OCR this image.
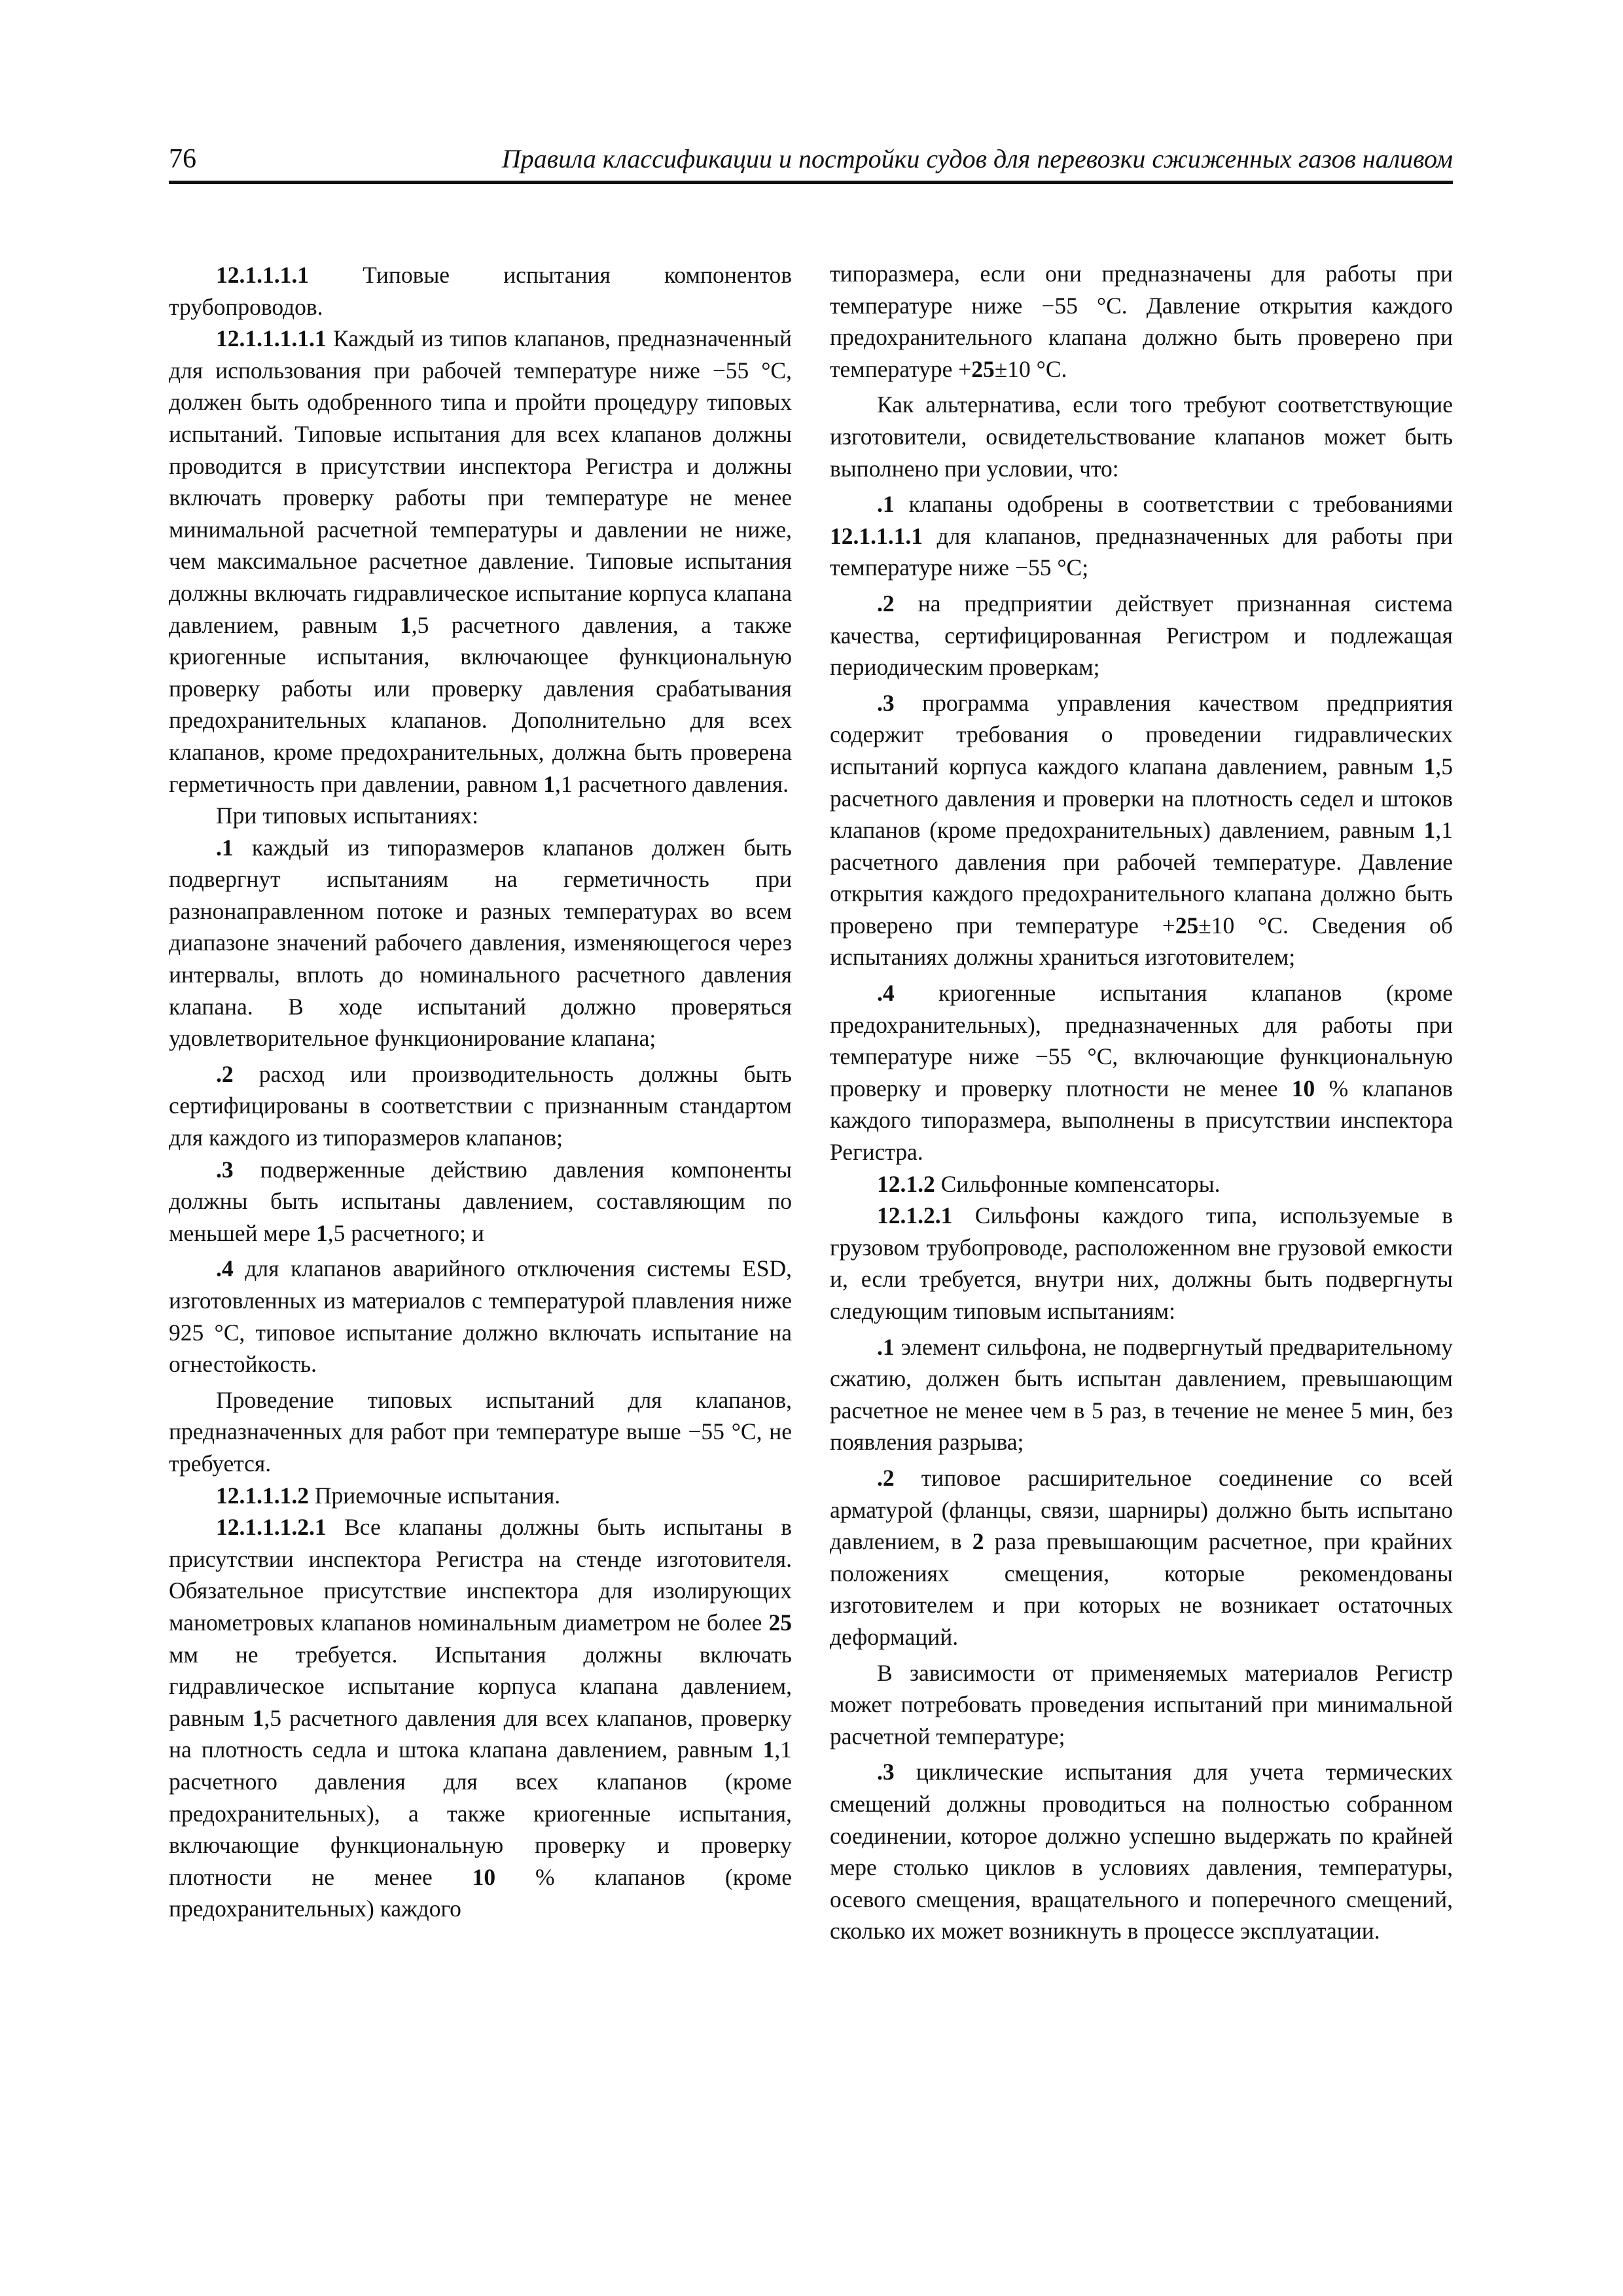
76	Правила классификации и постройки судов для перевозки сжиженных газов наливом

12.1.1.1.1 Типовые испытания компонентов трубопроводов.

12.1.1.1.1.1 Каждый из типов клапанов, предназначенный для использования при рабочей температуре ниже −55 °С, должен быть одобренного типа и пройти процедуру типовых испытаний. Типовые испытания для всех клапанов должны проводится в присутствии инспектора Регистра и должны включать проверку работы при температуре не менее минимальной расчетной температуры и давлении не ниже, чем максимальное расчетное давление. Типовые испытания должны включать гидравлическое испытание корпуса клапана давлением, равным 1,5 расчетного давления, а также криогенные испытания, включающее функциональную проверку работы или проверку давления срабатывания предохранительных клапанов. Дополнительно для всех клапанов, кроме предохранительных, должна быть проверена герметичность при давлении, равном 1,1 расчетного давления.

При типовых испытаниях:

.1 каждый из типоразмеров клапанов должен быть подвергнут испытаниям на герметичность при разнонаправленном потоке и разных температурах во всем диапазоне значений рабочего давления, изменяющегося через интервалы, вплоть до номинального расчетного давления клапана. В ходе испытаний должно проверяться удовлетворительное функционирование клапана;

.2 расход или производительность должны быть сертифицированы в соответствии с признанным стандартом для каждого из типоразмеров клапанов;

.3 подверженные действию давления компоненты должны быть испытаны давлением, составляющим по меньшей мере 1,5 расчетного; и

.4 для клапанов аварийного отключения системы ESD, изготовленных из материалов с температурой плавления ниже 925 °С, типовое испытание должно включать испытание на огнестойкость.

Проведение типовых испытаний для клапанов, предназначенных для работ при температуре выше −55 °С, не требуется.

12.1.1.1.2 Приемочные испытания.

12.1.1.1.2.1 Все клапаны должны быть испытаны в присутствии инспектора Регистра на стенде изготовителя. Обязательное присутствие инспектора для изолирующих манометровых клапанов номинальным диаметром не более 25 мм не требуется. Испытания должны включать гидравлическое испытание корпуса клапана давлением, равным 1,5 расчетного давления для всех клапанов, проверку на плотность седла и штока клапана давлением, равным 1,1 расчетного давления для всех клапанов (кроме предохранительных), а также криогенные испытания, включающие функциональную проверку и проверку плотности не менее 10 % клапанов (кроме предохранительных) каждого

типоразмера, если они предназначены для работы при температуре ниже −55 °С. Давление открытия каждого предохранительного клапана должно быть проверено при температуре +25±10 °С.

Как альтернатива, если того требуют соответствующие изготовители, освидетельствование клапанов может быть выполнено при условии, что:

.1 клапаны одобрены в соответствии с требованиями 12.1.1.1.1 для клапанов, предназначенных для работы при температуре ниже −55 °С;

.2 на предприятии действует признанная система качества, сертифицированная Регистром и подлежащая периодическим проверкам;

.3 программа управления качеством предприятия содержит требования о проведении гидравлических испытаний корпуса каждого клапана давлением, равным 1,5 расчетного давления и проверки на плотность седел и штоков клапанов (кроме предохранительных) давлением, равным 1,1 расчетного давления при рабочей температуре. Давление открытия каждого предохранительного клапана должно быть проверено при температуре +25±10 °С. Сведения об испытаниях должны храниться изготовителем;

.4 криогенные испытания клапанов (кроме предохранительных), предназначенных для работы при температуре ниже −55 °С, включающие функциональную проверку и проверку плотности не менее 10 % клапанов каждого типоразмера, выполнены в присутствии инспектора Регистра.

12.1.2 Сильфонные компенсаторы.

12.1.2.1 Сильфоны каждого типа, используемые в грузовом трубопроводе, расположенном вне грузовой емкости и, если требуется, внутри них, должны быть подвергнуты следующим типовым испытаниям:

.1 элемент сильфона, не подвергнутый предварительному сжатию, должен быть испытан давлением, превышающим расчетное не менее чем в 5 раз, в течение не менее 5 мин, без появления разрыва;

.2 типовое расширительное соединение со всей арматурой (фланцы, связи, шарниры) должно быть испытано давлением, в 2 раза превышающим расчетное, при крайних положениях смещения, которые рекомендованы изготовителем и при которых не возникает остаточных деформаций.

В зависимости от применяемых материалов Регистр может потребовать проведения испытаний при минимальной расчетной температуре;

.3 циклические испытания для учета термических смещений должны проводиться на полностью собранном соединении, которое должно успешно выдержать по крайней мере столько циклов в условиях давления, температуры, осевого смещения, вращательного и поперечного смещений, сколько их может возникнуть в процессе эксплуатации.
